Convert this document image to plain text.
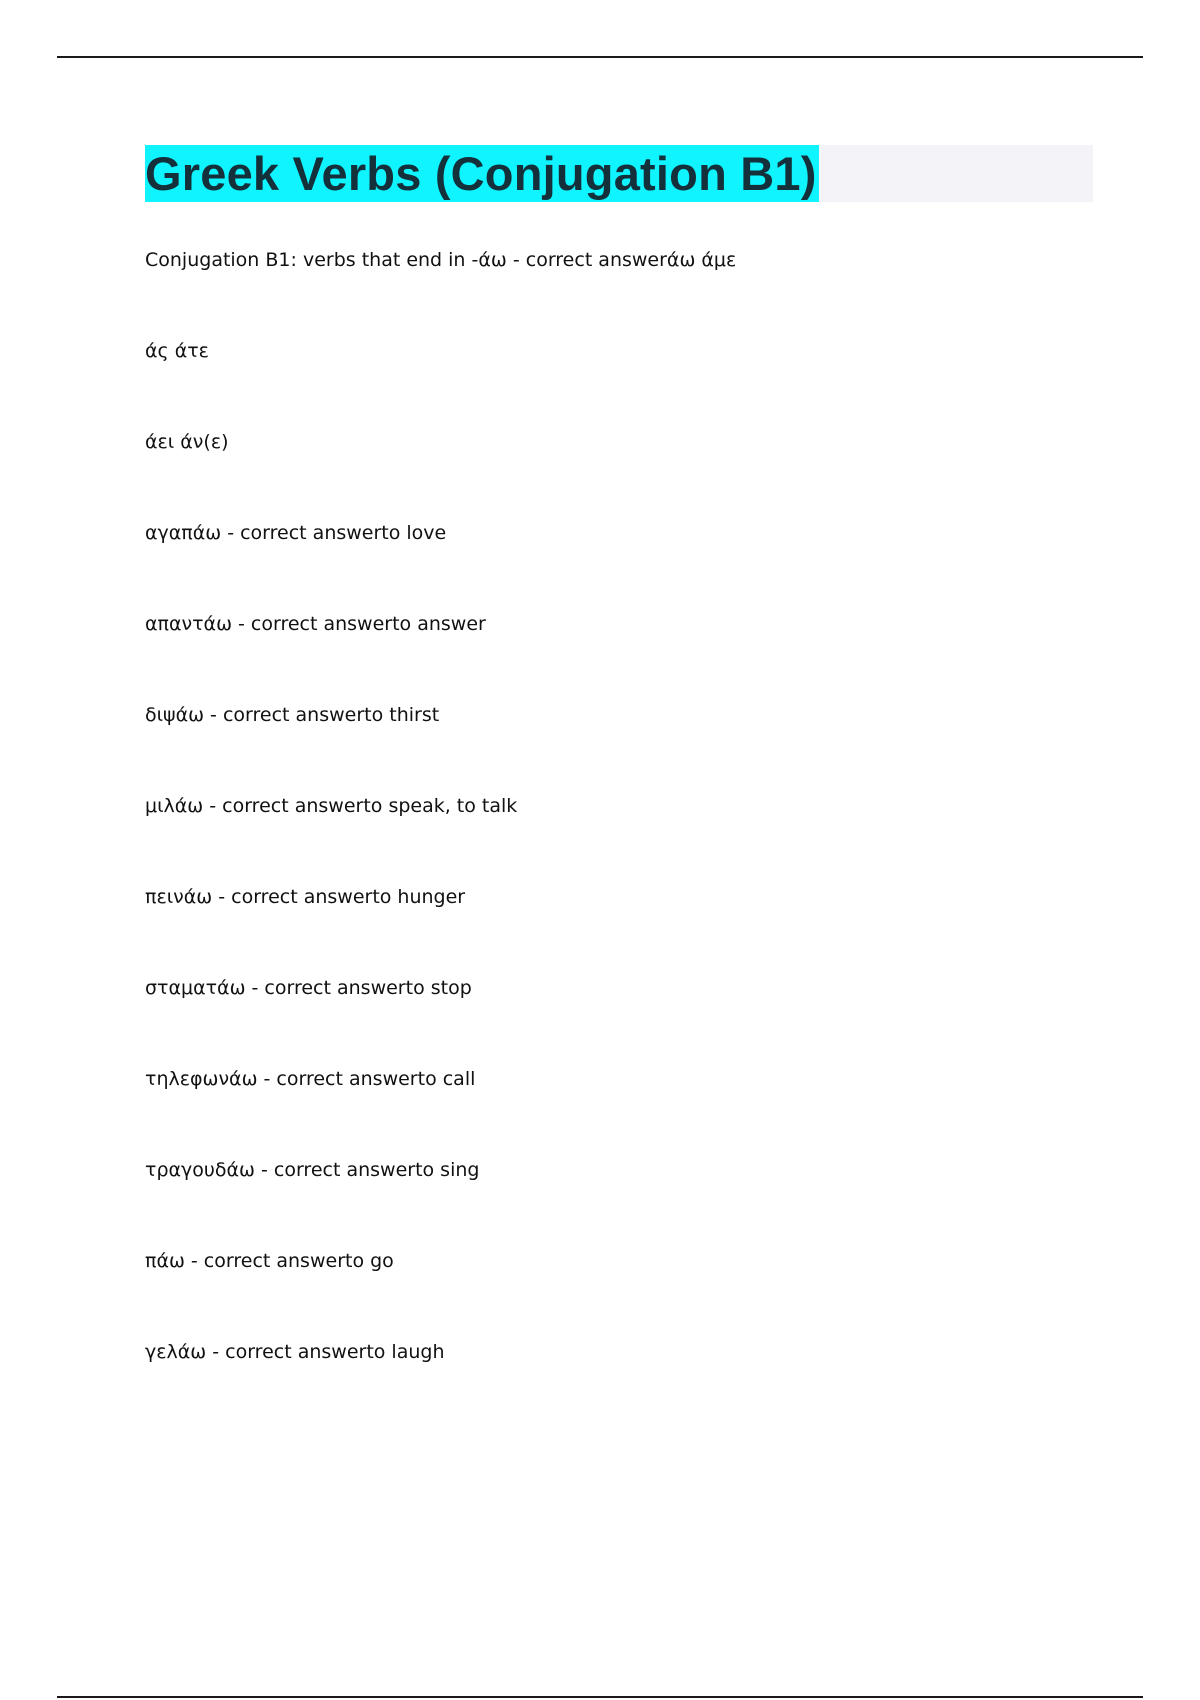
Greek Verbs (Conjugation B1)
Conjugation B1: verbs that end in -άω - correct answerάω άμε
άς άτε
άει άν(ε)
αγαπάω - correct answerto love
απαντάω - correct answerto answer
διψάω - correct answerto thirst
μιλάω - correct answerto speak, to talk
πεινάω - correct answerto hunger
σταματάω - correct answerto stop
τηλεφωνάω - correct answerto call
τραγουδάω - correct answerto sing
πάω - correct answerto go
γελάω - correct answerto laugh
